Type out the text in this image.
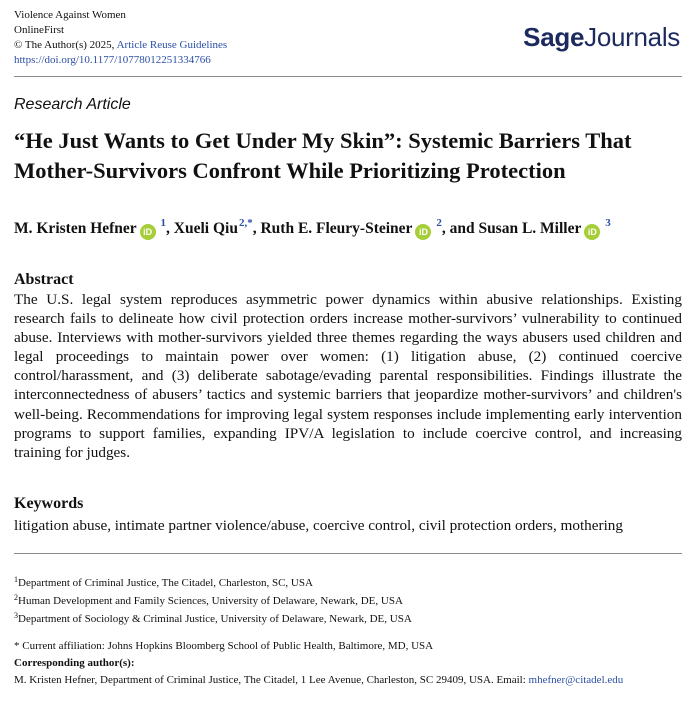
Violence Against Women
OnlineFirst
© The Author(s) 2025, Article Reuse Guidelines
https://doi.org/10.1177/10778012251334766
SageJournals
Research Article
“He Just Wants to Get Under My Skin”: Systemic Barriers That
Mother-Survivors Confront While Prioritizing Protection
M. Kristen Hefner iD $^1$, Xueli Qiu$^{2,*}$, Ruth E. Fleury-Steiner iD $^2$, and Susan L. Miller iD $^3$
Abstract
The U.S. legal system reproduces asymmetric power dynamics within abusive relationships. Existing research fails to delineate how civil protection orders increase mother-survivors’ vulnerability to continued abuse. Interviews with mother-survivors yielded three themes regarding the ways abusers used children and legal proceedings to maintain power over women: (1) litigation abuse, (2) continued coercive control/harassment, and (3) deliberate sabotage/evading parental responsibilities. Findings illustrate the interconnectedness of abusers’ tactics and systemic barriers that jeopardize mother-survivors’ and children's well-being. Recommendations for improving legal system responses include implementing early intervention programs to support families, expanding IPV/A legislation to include coercive control, and increasing training for judges.
Keywords
litigation abuse, intimate partner violence/abuse, coercive control, civil protection orders, mothering
$^1$Department of Criminal Justice, The Citadel, Charleston, SC, USA
$^2$Human Development and Family Sciences, University of Delaware, Newark, DE, USA
$^3$Department of Sociology & Criminal Justice, University of Delaware, Newark, DE, USA
* Current affiliation: Johns Hopkins Bloomberg School of Public Health, Baltimore, MD, USA
Corresponding author(s):
M. Kristen Hefner, Department of Criminal Justice, The Citadel, 1 Lee Avenue, Charleston, SC 29409, USA. Email: mhefner@citadel.edu
